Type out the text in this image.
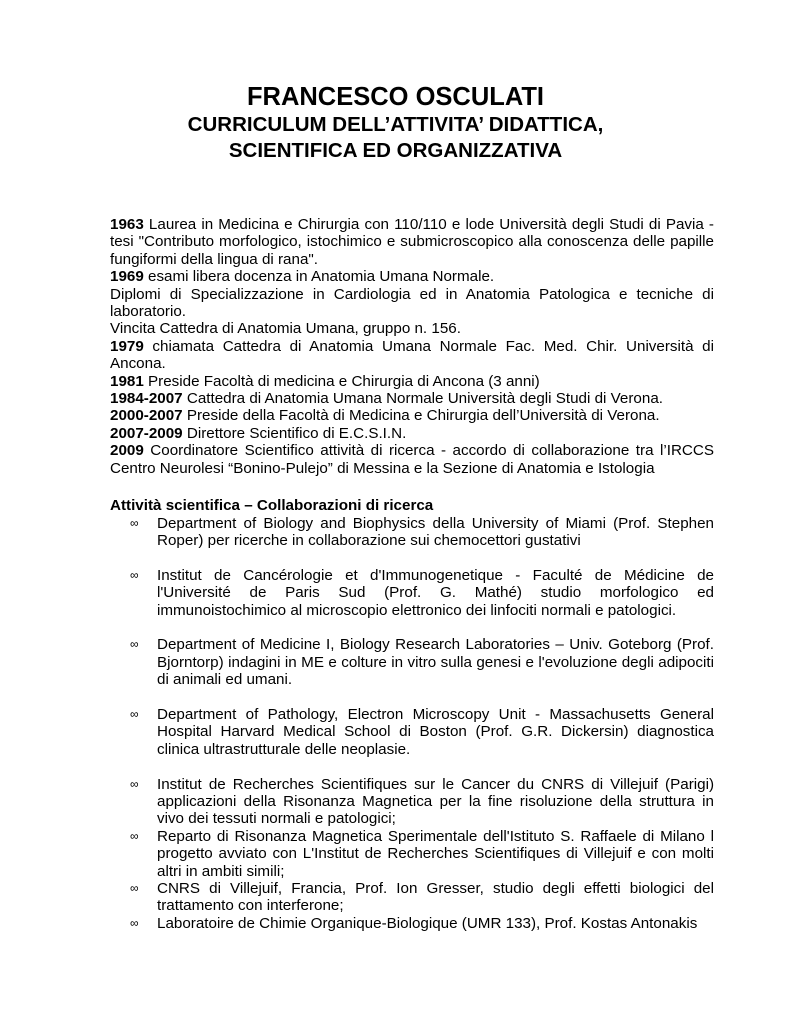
FRANCESCO OSCULATI

CURRICULUM DELL’ATTIVITA’ DIDATTICA,

SCIENTIFICA ED ORGANIZZATIVA

1963 Laurea in Medicina e Chirurgia con 110/110 e lode Università degli Studi di Pavia - tesi "Contributo morfologico, istochimico e submicroscopico alla conoscenza delle papille fungiformi della lingua di rana".

1969 esami libera docenza in Anatomia Umana Normale.

Diplomi di Specializzazione in Cardiologia ed in Anatomia Patologica e tecniche di laboratorio.

Vincita Cattedra di Anatomia Umana, gruppo n. 156.

1979 chiamata Cattedra di Anatomia Umana Normale Fac. Med. Chir. Università di Ancona.

1981 Preside Facoltà di medicina e Chirurgia di Ancona (3 anni)

1984-2007 Cattedra di Anatomia Umana Normale Università degli Studi di Verona.

2000-2007 Preside della Facoltà di Medicina e Chirurgia dell’Università di Verona.

2007-2009 Direttore Scientifico di E.C.S.I.N.

2009 Coordinatore Scientifico attività di ricerca - accordo di collaborazione tra l’IRCCS Centro Neurolesi “Bonino-Pulejo” di Messina e la Sezione di Anatomia e Istologia

Attività scientifica – Collaborazioni di ricerca

∞ Department of Biology and Biophysics della University of Miami (Prof. Stephen Roper) per ricerche in collaborazione sui chemocettori gustativi
∞ Institut de Cancérologie et d'Immunogenetique - Faculté de Médicine de l'Université de Paris Sud (Prof. G. Mathé) studio morfologico ed immunoistochimico al microscopio elettronico dei linfociti normali e patologici.
∞ Department of Medicine I, Biology Research Laboratories – Univ. Goteborg (Prof. Bjorntorp) indagini in ME e colture in vitro sulla genesi e l'evoluzione degli adipociti di animali ed umani.
∞ Department of Pathology, Electron Microscopy Unit - Massachusetts General Hospital Harvard Medical School di Boston (Prof. G.R. Dickersin) diagnostica clinica ultrastrutturale delle neoplasie.
∞ Institut de Recherches Scientifiques sur le Cancer du CNRS di Villejuif (Parigi) applicazioni della Risonanza Magnetica per la fine risoluzione della struttura in vivo dei tessuti normali e patologici;
∞ Reparto di Risonanza Magnetica Sperimentale dell'Istituto S. Raffaele di Milano l progetto avviato con L'Institut de Recherches Scientifiques di Villejuif e con molti altri in ambiti simili;
∞ CNRS di Villejuif, Francia, Prof. Ion Gresser, studio degli effetti biologici del trattamento con interferone;
∞ Laboratoire de Chimie Organique-Biologique (UMR 133), Prof. Kostas Antonakis
